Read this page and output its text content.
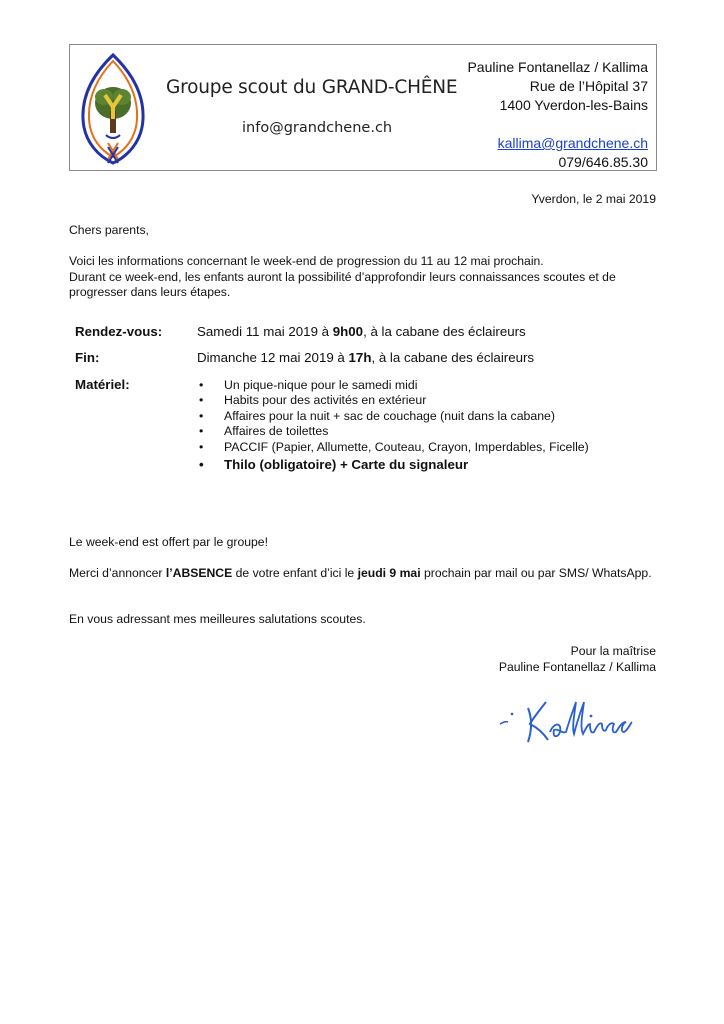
Groupe scout du GRAND-CHÊNE
info@grandchene.ch
Pauline Fontanellaz / Kallima
Rue de l’Hôpital 37
1400 Yverdon-les-Bains
kallima@grandchene.ch
079/646.85.30
Yverdon, le 2 mai 2019
Chers parents,
Voici les informations concernant le week-end de progression du 11 au 12 mai prochain.
Durant ce week-end, les enfants auront la possibilité d’approfondir leurs connaissances scoutes et de progresser dans leurs étapes.
Rendez-vous:	Samedi 11 mai 2019 à 9h00, à la cabane des éclaireurs
Fin:	Dimanche 12 mai 2019 à 17h, à la cabane des éclaireurs
Matériel:	• Un pique-nique pour le samedi midi
• Habits pour des activités en extérieur
• Affaires pour la nuit + sac de couchage (nuit dans la cabane)
• Affaires de toilettes
• PACCIF (Papier, Allumette, Couteau, Crayon, Imperdables, Ficelle)
• Thilo (obligatoire) + Carte du signaleur
Le week-end est offert par le groupe!
Merci d’annoncer l’ABSENCE de votre enfant d’ici le jeudi 9 mai prochain par mail ou par SMS/ WhatsApp.
En vous adressant mes meilleures salutations scoutes.
Pour la maîtrise
Pauline Fontanellaz / Kallima
